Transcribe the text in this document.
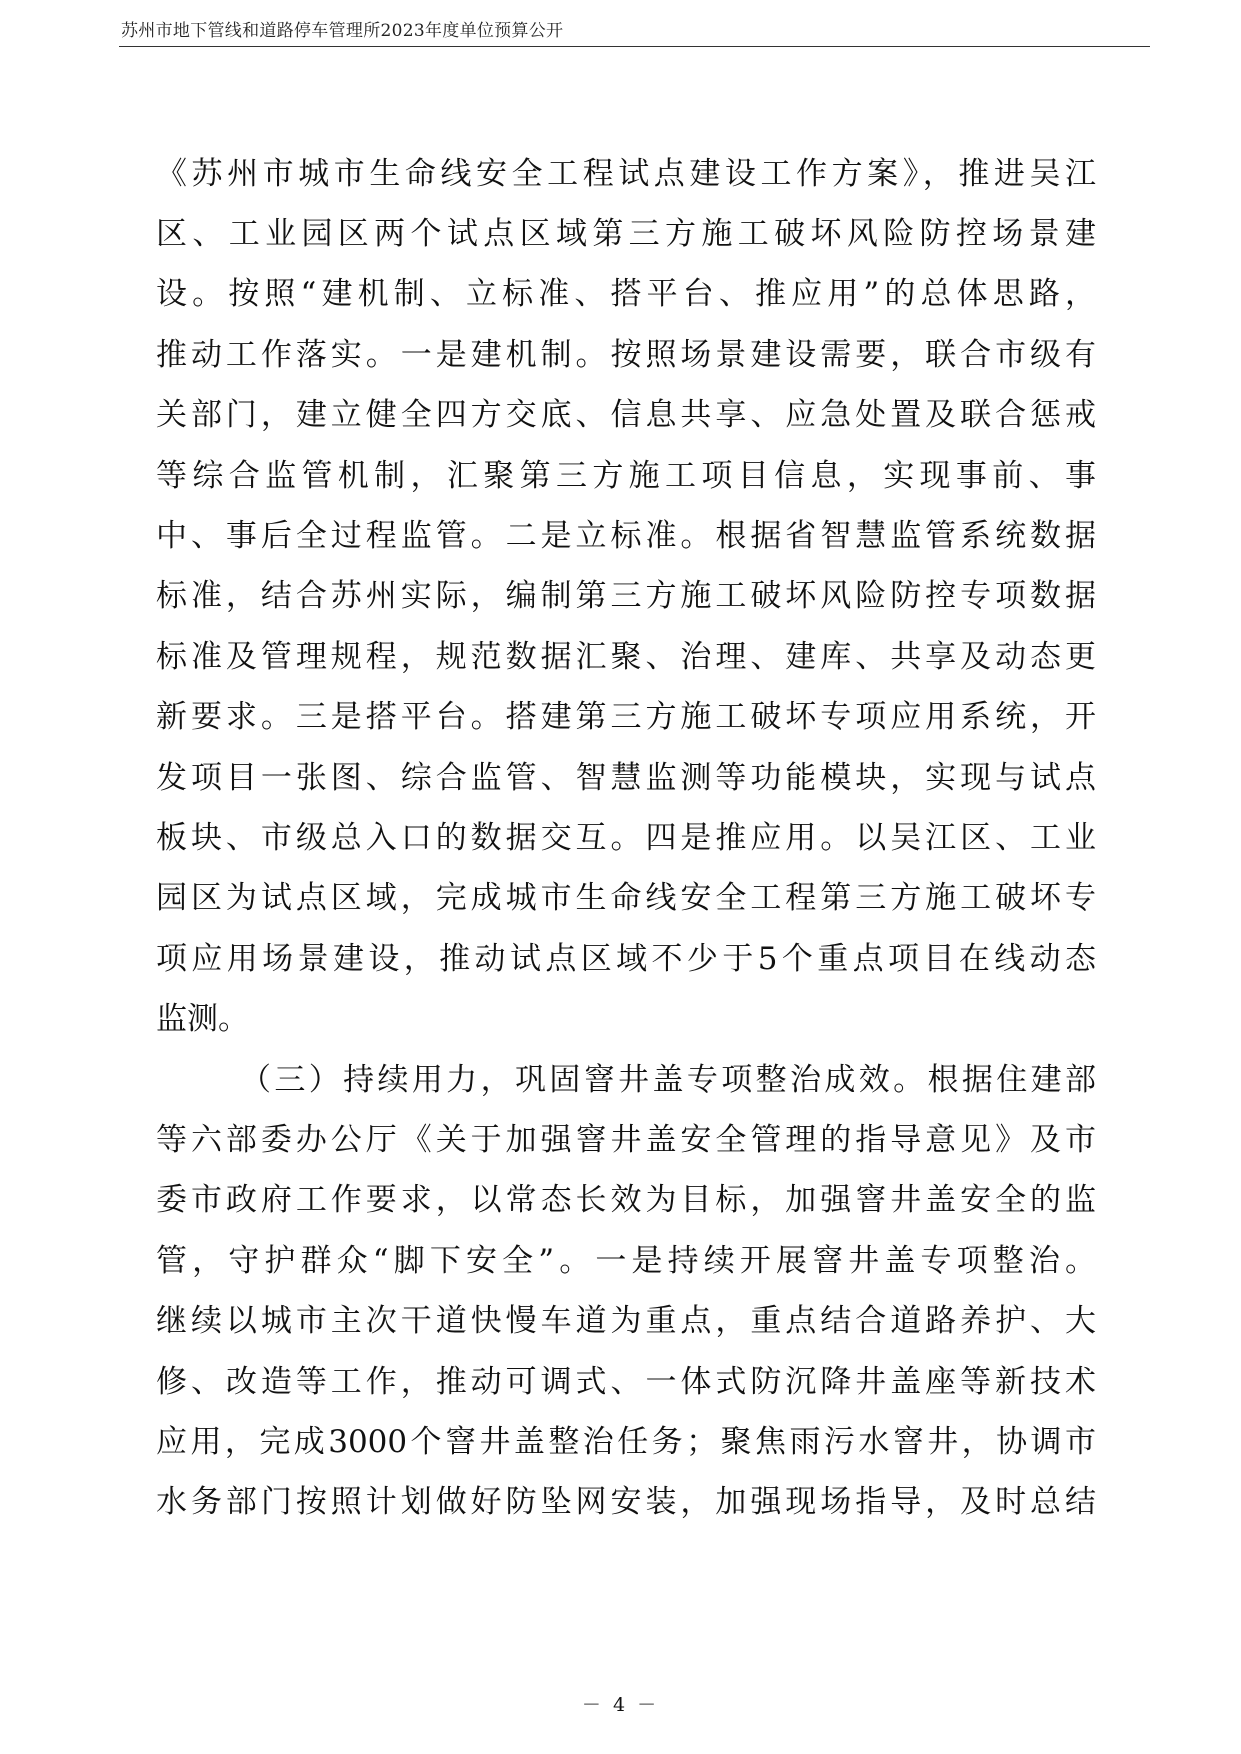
苏州市地下管线和道路停车管理所2023年度单位预算公开
《苏州市城市生命线安全工程试点建设工作方案》，推进吴江
区、工业园区两个试点区域第三方施工破坏风险防控场景建
设。按照“建机制、立标准、搭平台、推应用”的总体思路，
推动工作落实。一是建机制。按照场景建设需要，联合市级有
关部门，建立健全四方交底、信息共享、应急处置及联合惩戒
等综合监管机制，汇聚第三方施工项目信息，实现事前、事
中、事后全过程监管。二是立标准。根据省智慧监管系统数据
标准，结合苏州实际，编制第三方施工破坏风险防控专项数据
标准及管理规程，规范数据汇聚、治理、建库、共享及动态更
新要求。三是搭平台。搭建第三方施工破坏专项应用系统，开
发项目一张图、综合监管、智慧监测等功能模块，实现与试点
板块、市级总入口的数据交互。四是推应用。以吴江区、工业
园区为试点区域，完成城市生命线安全工程第三方施工破坏专
项应用场景建设，推动试点区域不少于5个重点项目在线动态
监测。
（三）持续用力，巩固窨井盖专项整治成效。根据住建部
等六部委办公厅《关于加强窨井盖安全管理的指导意见》及市
委市政府工作要求，以常态长效为目标，加强窨井盖安全的监
管，守护群众“脚下安全”。一是持续开展窨井盖专项整治。
继续以城市主次干道快慢车道为重点，重点结合道路养护、大
修、改造等工作，推动可调式、一体式防沉降井盖座等新技术
应用，完成3000个窨井盖整治任务；聚焦雨污水窨井，协调市
水务部门按照计划做好防坠网安装，加强现场指导，及时总结
－ 4 －
